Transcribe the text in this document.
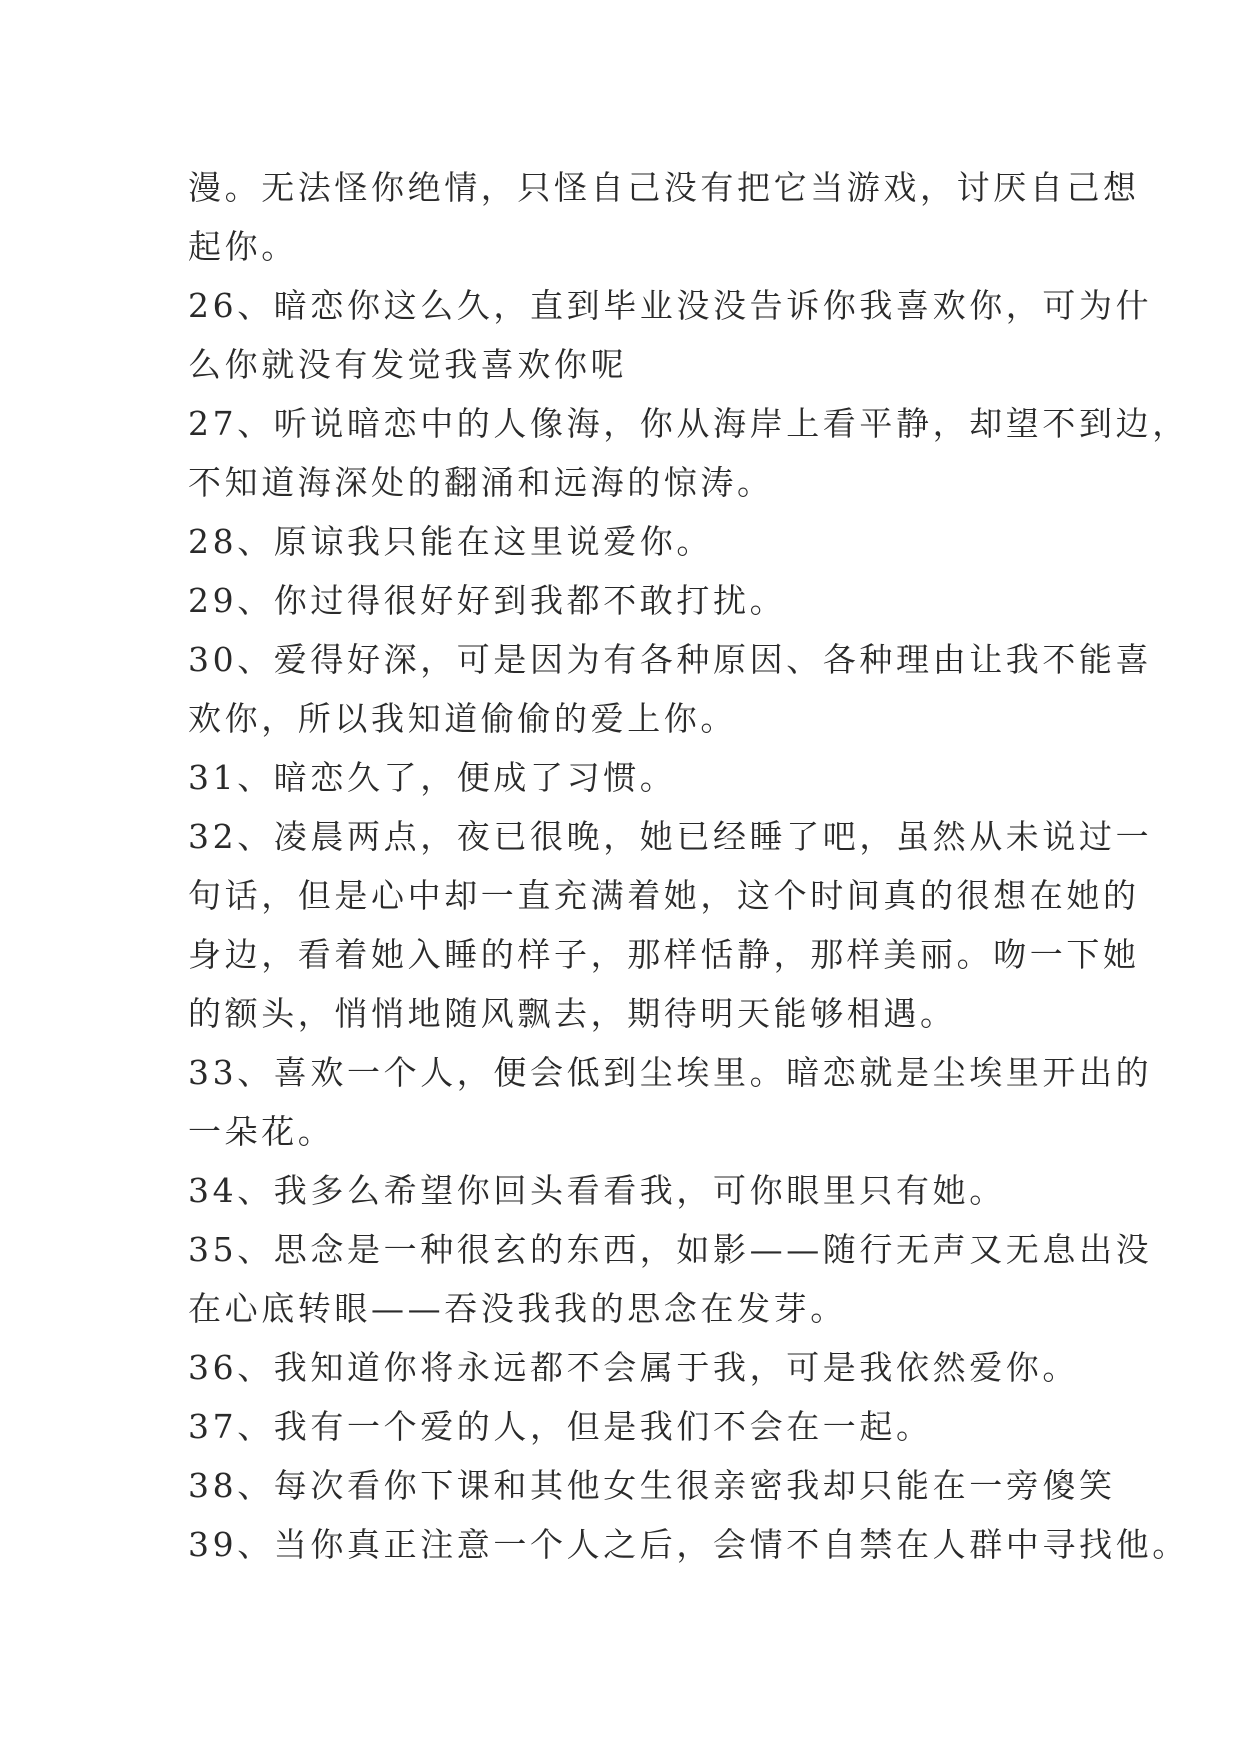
漫。无法怪你绝情，只怪自己没有把它当游戏，讨厌自己想
起你。
26、暗恋你这么久，直到毕业没没告诉你我喜欢你，可为什
么你就没有发觉我喜欢你呢
27、听说暗恋中的人像海，你从海岸上看平静，却望不到边，
不知道海深处的翻涌和远海的惊涛。
28、原谅我只能在这里说爱你。
29、你过得很好好到我都不敢打扰。
30、爱得好深，可是因为有各种原因、各种理由让我不能喜
欢你，所以我知道偷偷的爱上你。
31、暗恋久了，便成了习惯。
32、凌晨两点，夜已很晚，她已经睡了吧，虽然从未说过一
句话，但是心中却一直充满着她，这个时间真的很想在她的
身边，看着她入睡的样子，那样恬静，那样美丽。吻一下她
的额头，悄悄地随风飘去，期待明天能够相遇。
33、喜欢一个人，便会低到尘埃里。暗恋就是尘埃里开出的
一朵花。
34、我多么希望你回头看看我，可你眼里只有她。
35、思念是一种很玄的东西，如影——随行无声又无息出没
在心底转眼——吞没我我的思念在发芽。
36、我知道你将永远都不会属于我，可是我依然爱你。
37、我有一个爱的人，但是我们不会在一起。
38、每次看你下课和其他女生很亲密我却只能在一旁傻笑
39、当你真正注意一个人之后，会情不自禁在人群中寻找他。
